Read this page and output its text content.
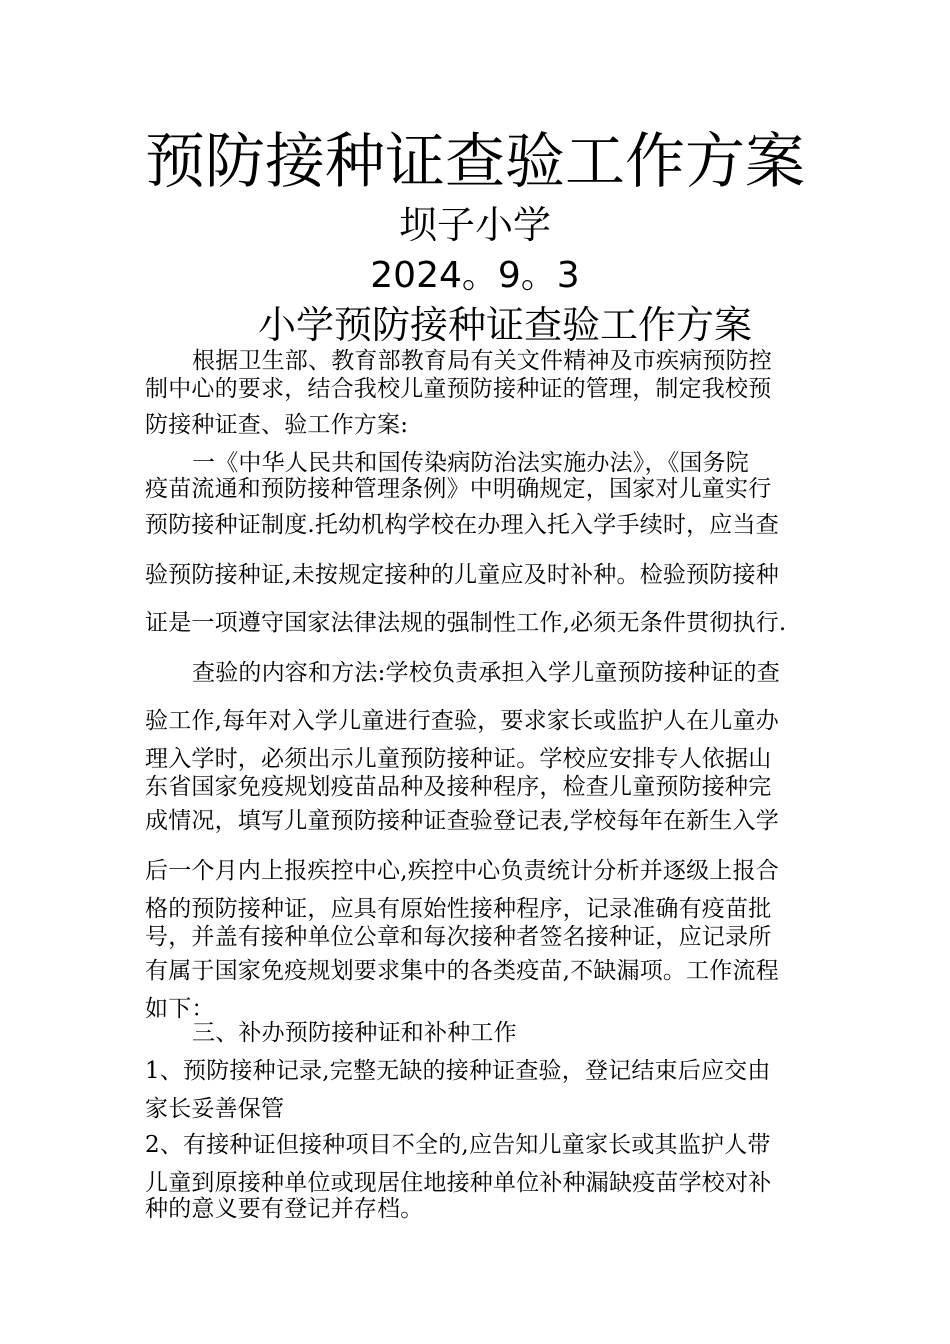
预防接种证查验工作方案
坝子小学
2024。9。3
小学预防接种证查验工作方案
根据卫生部、教育部教育局有关文件精神及市疾病预防控
制中心的要求，结合我校儿童预防接种证的管理，制定我校预
防接种证查、验工作方案:
一《中华人民共和国传染病防治法实施办法》，《国务院
疫苗流通和预防接种管理条例》中明确规定，国家对儿童实行
预防接种证制度.托幼机构学校在办理入托入学手续时，应当查
验预防接种证,未按规定接种的儿童应及时补种。检验预防接种
证是一项遵守国家法律法规的强制性工作,必须无条件贯彻执行.
查验的内容和方法:学校负责承担入学儿童预防接种证的查
验工作,每年对入学儿童进行查验，要求家长或监护人在儿童办
理入学时，必须出示儿童预防接种证。学校应安排专人依据山
东省国家免疫规划疫苗品种及接种程序，检查儿童预防接种完
成情况，填写儿童预防接种证查验登记表,学校每年在新生入学
后一个月内上报疾控中心,疾控中心负责统计分析并逐级上报合
格的预防接种证，应具有原始性接种程序，记录准确有疫苗批
号，并盖有接种单位公章和每次接种者签名接种证，应记录所
有属于国家免疫规划要求集中的各类疫苗,不缺漏项。工作流程
如下：
三、补办预防接种证和补种工作
1、预防接种记录,完整无缺的接种证查验，登记结束后应交由
家长妥善保管
2、有接种证但接种项目不全的,应告知儿童家长或其监护人带
儿童到原接种单位或现居住地接种单位补种漏缺疫苗学校对补
种的意义要有登记并存档。
